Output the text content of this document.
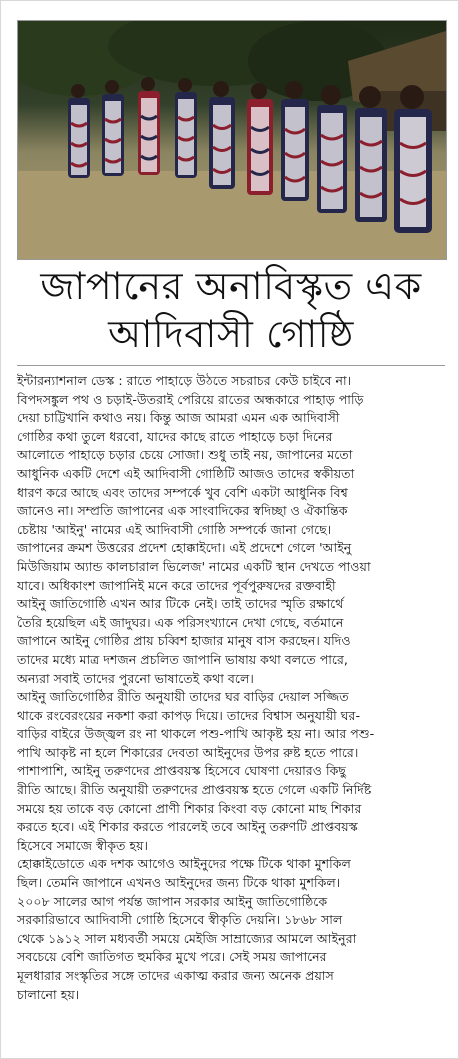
জাপানের অনাবিস্কৃত এক
আদিবাসী গোষ্ঠি

ইন্টারন্যাশনাল ডেস্ক : রাতে পাহাড়ে উঠতে সচরাচর কেউ চাইবে না।
বিপদসঙ্কুল পথ ও চড়াই-উতরাই পেরিয়ে রাতের অন্ধকারে পাহাড় পাড়ি
দেয়া চাট্টিখানি কথাও নয়। কিন্তু আজ আমরা এমন এক আদিবাসী
গোষ্ঠির কথা তুলে ধরবো, যাদের কাছে রাতে পাহাড়ে চড়া দিনের
আলোতে পাহাড়ে চড়ার চেয়ে সোজা। শুধু তাই নয়, জাপানের মতো
আধুনিক একটি দেশে এই আদিবাসী গোষ্ঠিটি আজও তাদের স্বকীয়তা
ধারণ করে আছে এবং তাদের সম্পর্কে খুব বেশি একটা আধুনিক বিশ্ব
জানেও না। সম্প্রতি জাপানের এক সাংবাদিকের স্বদিচ্ছা ও ঐকান্তিক
চেষ্টায় 'আইনু' নামের এই আদিবাসী গোষ্ঠি সম্পর্কে জানা গেছে।

জাপানের ক্রমশ উত্তরের প্রদেশ হোক্কাইদো। এই প্রদেশে গেলে 'আইনু
মিউজিয়াম অ্যান্ড কালচারাল ভিলেজ' নামের একটি স্থান দেখতে পাওয়া
যাবে। অধিকাংশ জাপানিই মনে করে তাদের পূর্বপুরুষদের রক্তবাহী
আইনু জাতিগোষ্ঠি এখন আর টিকে নেই। তাই তাদের স্মৃতি রক্ষার্থে
তৈরি হয়েছিল এই জাদুঘর। এক পরিসংখ্যানে দেখা গেছে, বর্তমানে
জাপানে আইনু গোষ্ঠির প্রায় চব্বিশ হাজার মানুষ বাস করছেন। যদিও
তাদের মধ্যে মাত্র দশজন প্রচলিত জাপানি ভাষায় কথা বলতে পারে,
অন্যরা সবাই তাদের পুরনো ভাষাতেই কথা বলে।

আইনু জাতিগোষ্ঠির রীতি অনুযায়ী তাদের ঘর বাড়ির দেয়াল সজ্জিত
থাকে রংবেরংয়ের নকশা করা কাপড় দিয়ে। তাদের বিশ্বাস অনুযায়ী ঘর-
বাড়ির বাইরে উজ্জ্বল রং না থাকলে পশু-পাখি আকৃষ্ট হয় না। আর পশু-
পাখি আকৃষ্ট না হলে শিকারের দেবতা আইনুদের উপর রুষ্ট হতে পারে।
পাশাপাশি, আইনু তরুণদের প্রাপ্তবয়স্ক হিসেবে ঘোষণা দেয়ারও কিছু
রীতি আছে। রীতি অনুযায়ী তরুণদের প্রাপ্তবয়স্ক হতে গেলে একটি নির্দিষ্ট
সময়ে হয় তাকে বড় কোনো প্রাণী শিকার কিংবা বড় কোনো মাছ শিকার
করতে হবে। এই শিকার করতে পারলেই তবে আইনু তরুণটি প্রাপ্তবয়স্ক
হিসেবে সমাজে স্বীকৃত হয়।

হোক্কাইডোতে এক দশক আগেও আইনুদের পক্ষে টিকে থাকা মুশকিল
ছিল। তেমনি জাপানে এখনও আইনুদের জন্য টিকে থাকা মুশকিল।
২০০৮ সালের আগ পর্যন্ত জাপান সরকার আইনু জাতিগোষ্ঠিকে
সরকারিভাবে আদিবাসী গোষ্ঠি হিসেবে স্বীকৃতি দেয়নি। ১৮৬৮ সাল
থেকে ১৯১২ সাল মধ্যবর্তী সময়ে মেইজি সাম্রাজ্যের আমলে আইনুরা
সবচেয়ে বেশি জাতিগত হুমকির মুখে পরে। সেই সময় জাপানের
মূলধারার সংস্কৃতির সঙ্গে তাদের একাত্ম করার জন্য অনেক প্রয়াস
চালানো হয়।
